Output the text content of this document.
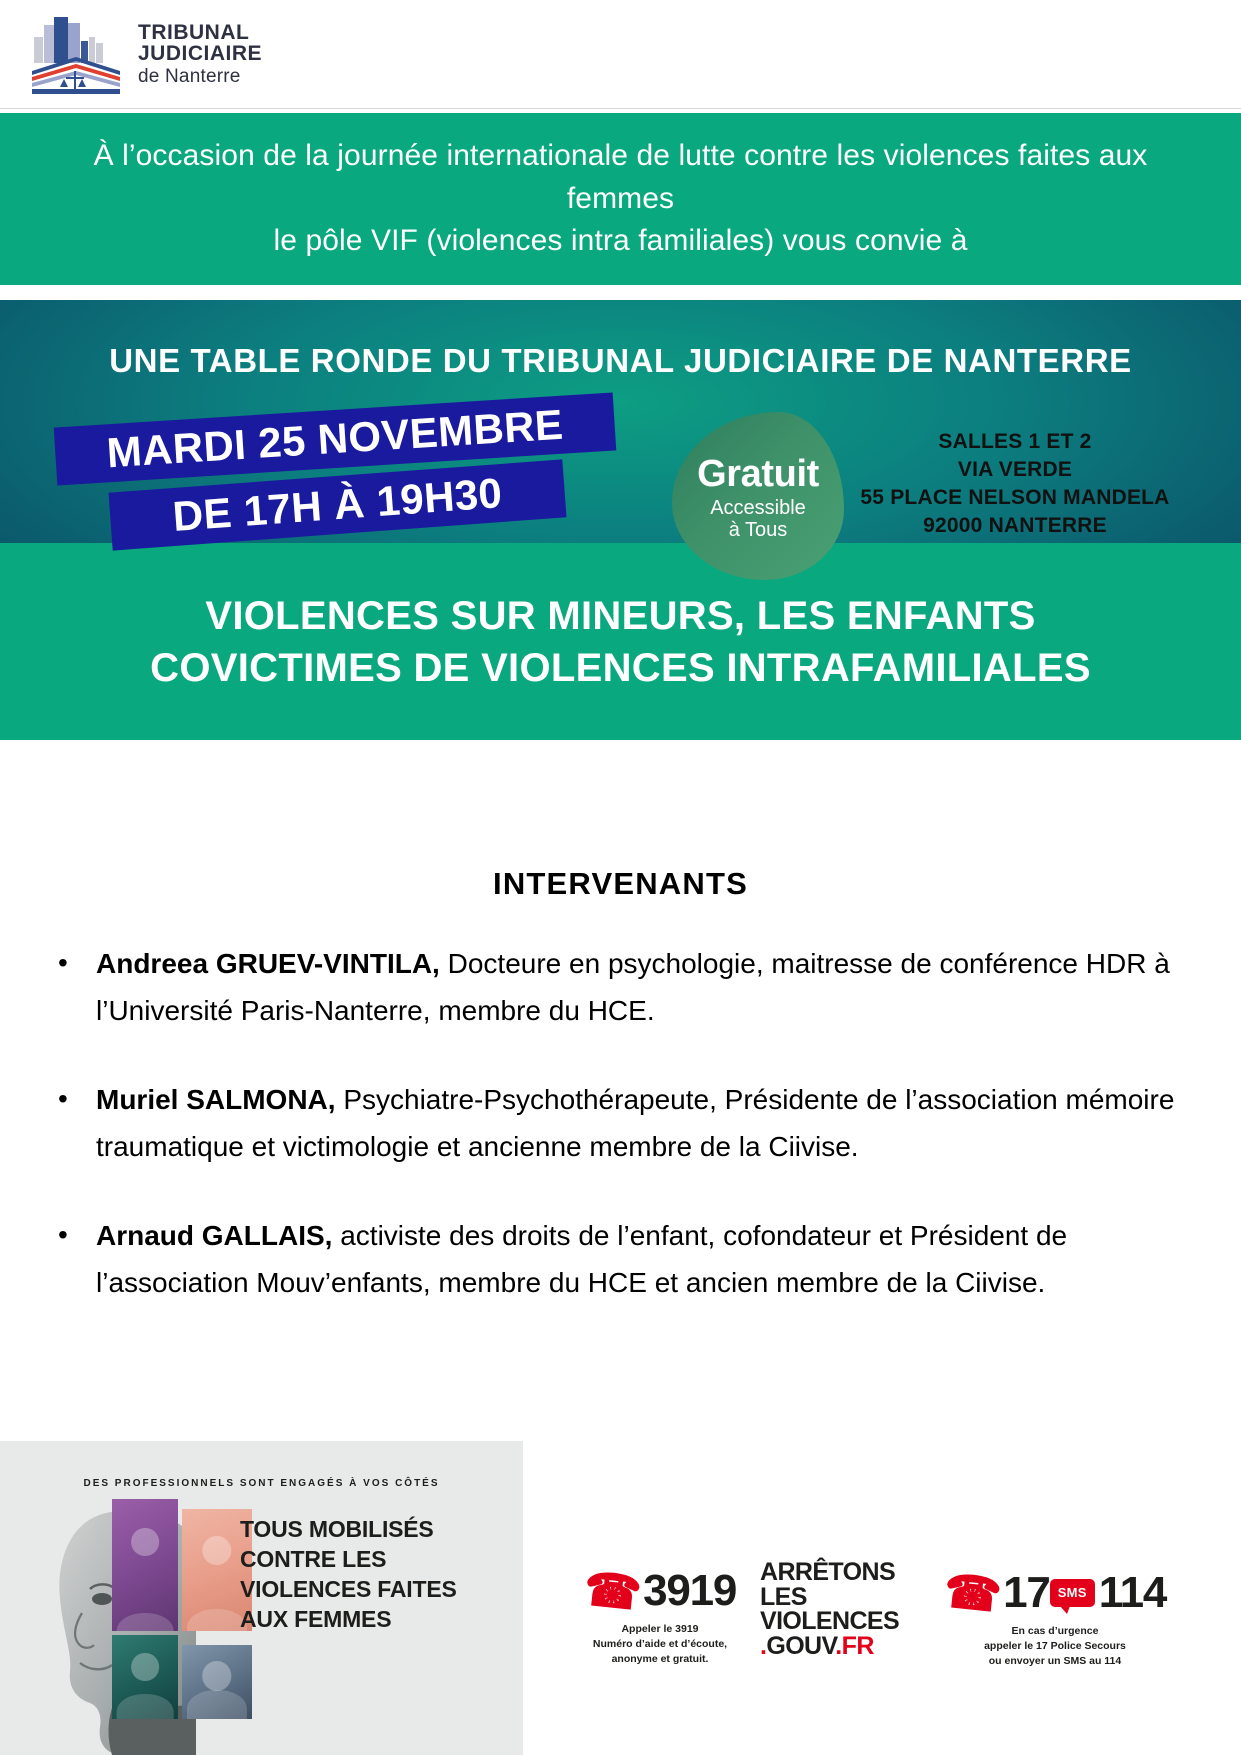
TRIBUNAL
JUDICIAIRE
de Nanterre
À l’occasion de la journée internationale de lutte contre les violences faites aux femmes
le pôle VIF (violences intra familiales) vous convie à
UNE TABLE RONDE DU TRIBUNAL JUDICIAIRE DE NANTERRE
MARDI 25 NOVEMBRE
DE 17H À 19H30	Gratuit
Accessible
à Tous
SALLES 1 ET 2
VIA VERDE
55 PLACE NELSON MANDELA
92000 NANTERRE
VIOLENCES SUR MINEURS, LES ENFANTS
COVICTIMES DE VIOLENCES INTRAFAMILIALES
INTERVENANTS
• Andreea GRUEV-VINTILA, Docteure en psychologie, maitresse de conférence HDR à l’Université Paris-Nanterre, membre du HCE.
• Muriel SALMONA, Psychiatre-Psychothérapeute, Présidente de l’association mémoire traumatique et victimologie et ancienne membre de la Ciivise.
• Arnaud GALLAIS, activiste des droits de l’enfant, cofondateur et Président de l’association Mouv’enfants, membre du HCE et ancien membre de la Ciivise.
DES PROFESSIONNELS SONT ENGAGÉS À VOS CÔTÉS
TOUS MOBILISÉS
CONTRE LES
VIOLENCES FAITES
AUX FEMMES	☎︎ 3919
Appeler le 3919
Numéro d’aide et d’écoute,
anonyme et gratuit.
ARRÊTONS
LES
VIOLENCES
.GOUV.FR
☎︎ 17 SMS 114
En cas d’urgence
appeler le 17 Police Secours
ou envoyer un SMS au 114
